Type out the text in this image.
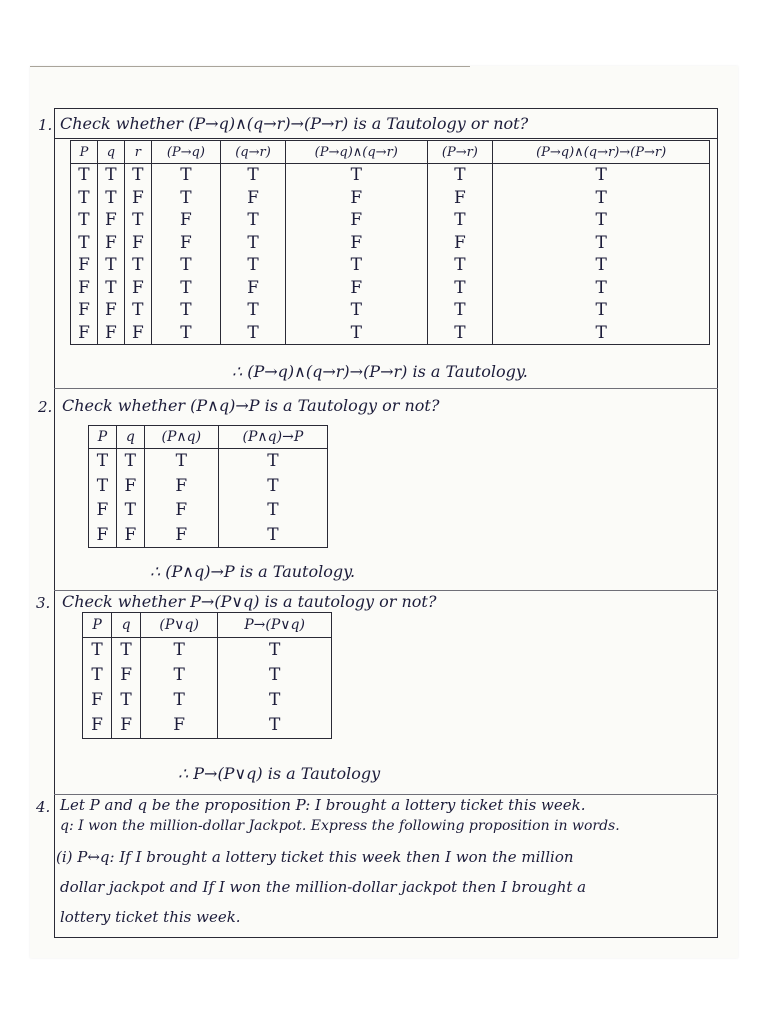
1. Check whether (P→q)∧(q→r)→(P→r) is a Tautology or not?
P	q	r	(P→q)	(q→r)	(P→q)∧(q→r)	(P→r)	(P→q)∧(q→r)→(P→r)
T	T	T	T	T	T	T	T
T	T	F	T	F	F	F	T
T	F	T	F	T	F	T	T
T	F	F	F	T	F	F	T
F	T	T	T	T	T	T	T
F	T	F	T	F	F	T	T
F	F	T	T	T	T	T	T
F	F	F	T	T	T	T	T
∴ (P→q)∧(q→r)→(P→r) is a Tautology.
2. Check whether (P∧q)→P is a Tautology or not?
P	q	(P∧q)	(P∧q)→P
T	T	T	T
T	F	F	T
F	T	F	T
F	F	F	T
∴ (P∧q)→P is a Tautology.
3. Check whether P→(P∨q) is a tautology or not?
P	q	(P∨q)	P→(P∨q)
T	T	T	T
T	F	T	T
F	T	T	T
F	F	F	T
∴ P→(P∨q) is a Tautology
4. Let P and q be the proposition P: I brought a lottery ticket this week.
q: I won the million-dollar Jackpot. Express the following proposition in words.
(i) P↔q: If I brought a lottery ticket this week then I won the million
dollar jackpot and If I won the million-dollar jackpot then I brought a
lottery ticket this week.
